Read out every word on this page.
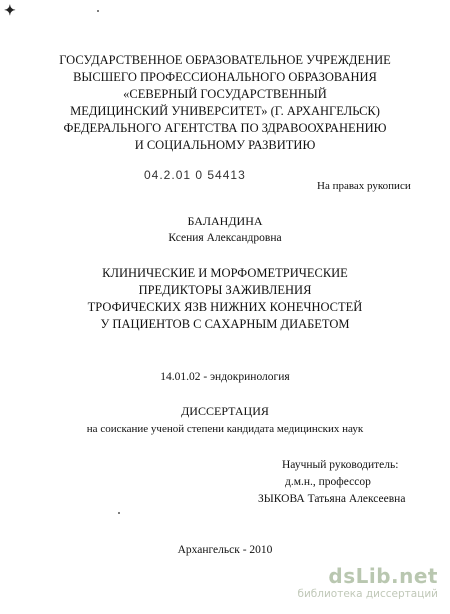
✦
ГОСУДАРСТВЕННОЕ ОБРАЗОВАТЕЛЬНОЕ УЧРЕЖДЕНИЕ
ВЫСШЕГО ПРОФЕССИОНАЛЬНОГО ОБРАЗОВАНИЯ
«СЕВЕРНЫЙ ГОСУДАРСТВЕННЫЙ
МЕДИЦИНСКИЙ УНИВЕРСИТЕТ» (Г. АРХАНГЕЛЬСК)
ФЕДЕРАЛЬНОГО АГЕНТСТВА ПО ЗДРАВООХРАНЕНИЮ
И СОЦИАЛЬНОМУ РАЗВИТИЮ
04.2.01 0 54413
На правах рукописи
БАЛАНДИНА
Ксения Александровна
КЛИНИЧЕСКИЕ И МОРФОМЕТРИЧЕСКИЕ
ПРЕДИКТОРЫ ЗАЖИВЛЕНИЯ
ТРОФИЧЕСКИХ ЯЗВ НИЖНИХ КОНЕЧНОСТЕЙ
У ПАЦИЕНТОВ С САХАРНЫМ ДИАБЕТОМ
14.01.02 - эндокринология
ДИССЕРТАЦИЯ
на соискание ученой степени кандидата медицинских наук
Научный руководитель:
д.м.н., профессор
ЗЫКОВА Татьяна Алексеевна
Архангельск - 2010
dsLib.net
библиотека диссертаций
